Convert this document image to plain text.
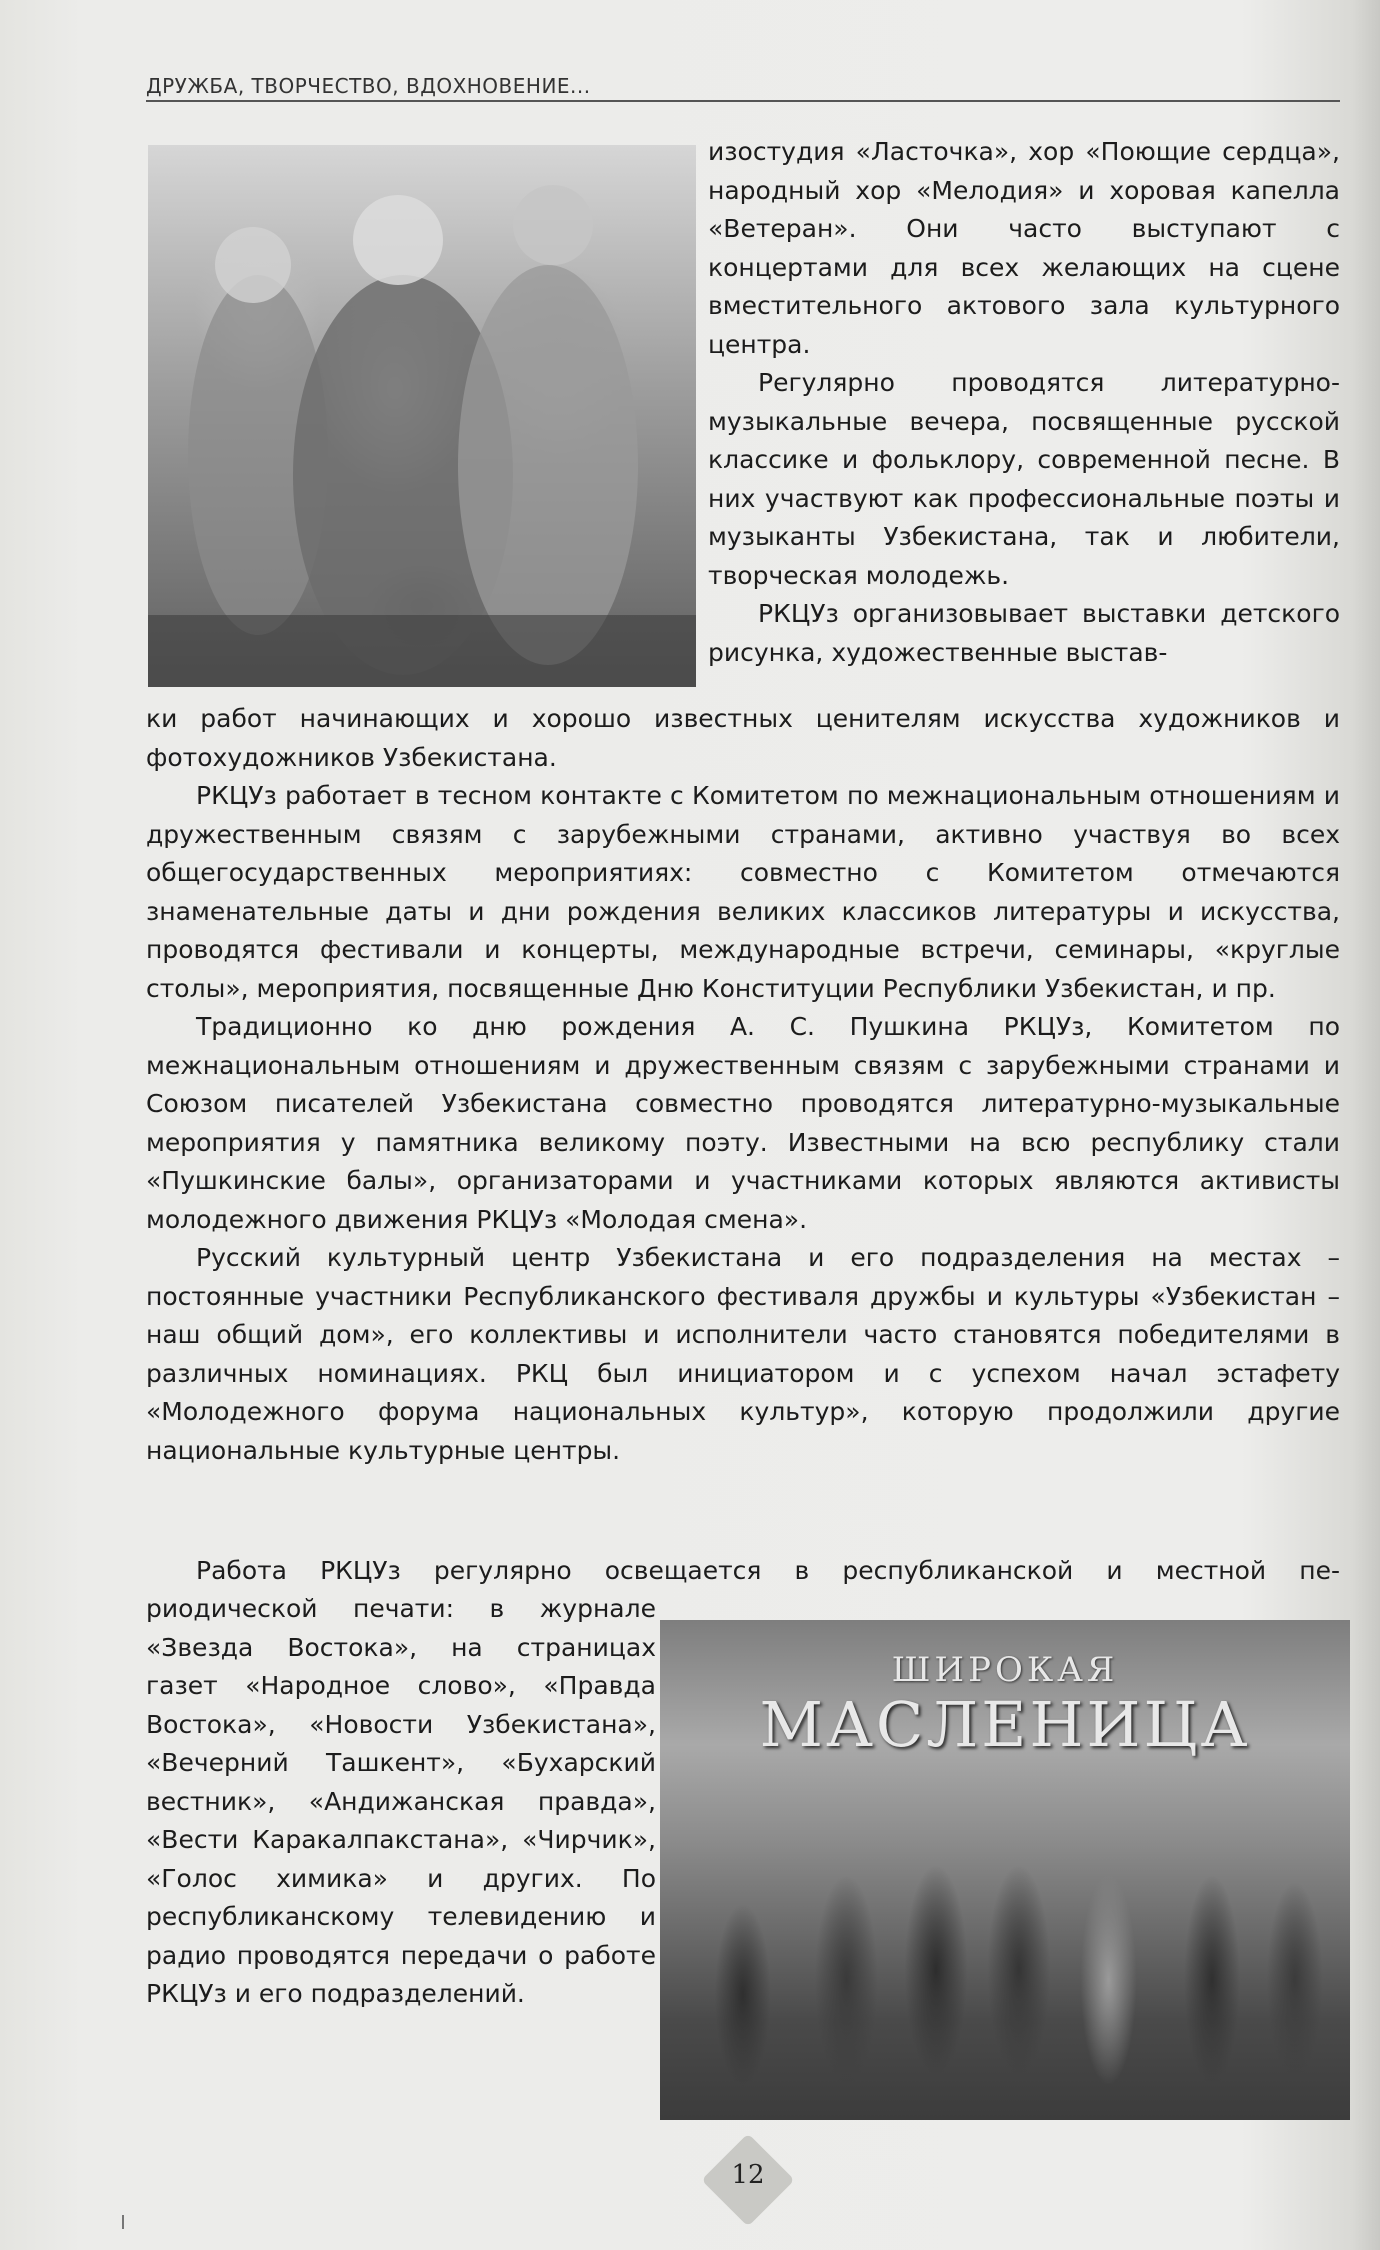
ДРУЖБА, ТВОРЧЕСТВО, ВДОХНОВЕНИЕ...

изостудия «Ласточка», хор «Поющие сердца», народный хор «Мелодия» и хоровая капелла «Ветеран». Они часто выступают с концертами для всех желающих на сцене вместительного актового зала культурного центра.

Регулярно проводятся литературно-музыкальные вечера, посвященные русской классике и фольклору, современной песне. В них участвуют как профессиональные поэты и музыканты Узбекистана, так и любители, творческая молодежь.

РКЦУз организовывает выставки детского рисунка, художественные выстав-

ки работ начинающих и хорошо известных ценителям искусства художников и фотохудожников Узбекистана.

РКЦУз работает в тесном контакте с Комитетом по межнациональным отношениям и дружественным связям с зарубежными странами, активно участвуя во всех общегосударственных мероприятиях: совместно с Комитетом отмечаются знаменательные даты и дни рождения великих классиков литературы и искусства, проводятся фестивали и концерты, международные встречи, семинары, «круглые столы», мероприятия, посвященные Дню Конституции Республики Узбекистан, и пр.

Традиционно ко дню рождения А. С. Пушкина РКЦУз, Комитетом по межнациональным отношениям и дружественным связям с зарубежными странами и Союзом писателей Узбекистана совместно проводятся литературно-музыкальные мероприятия у памятника великому поэту. Известными на всю республику стали «Пушкинские балы», организаторами и участниками которых являются активисты молодежного движения РКЦУз «Молодая смена».

Русский культурный центр Узбекистана и его подразделения на местах – постоянные участники Республиканского фестиваля дружбы и культуры «Узбекистан – наш общий дом», его коллективы и исполнители часто становятся победителями в различных номинациях. РКЦ был инициатором и с успехом начал эстафету «Молодежного форума национальных культур», которую продолжили другие национальные культурные центры.

Работа РКЦУз регулярно освещается в республиканской и местной пе-

риодической печати: в журнале «Звезда Востока», на страницах газет «Народное слово», «Правда Востока», «Новости Узбекистана», «Вечерний Ташкент», «Бухарский вестник», «Андижанская правда», «Вести Каракалпакстана», «Чирчик», «Голос химика» и других. По республиканскому телевидению и радио проводятся передачи о работе РКЦУз и его подразделений.

ШИРОКАЯ
МАСЛЕНИЦА
12
